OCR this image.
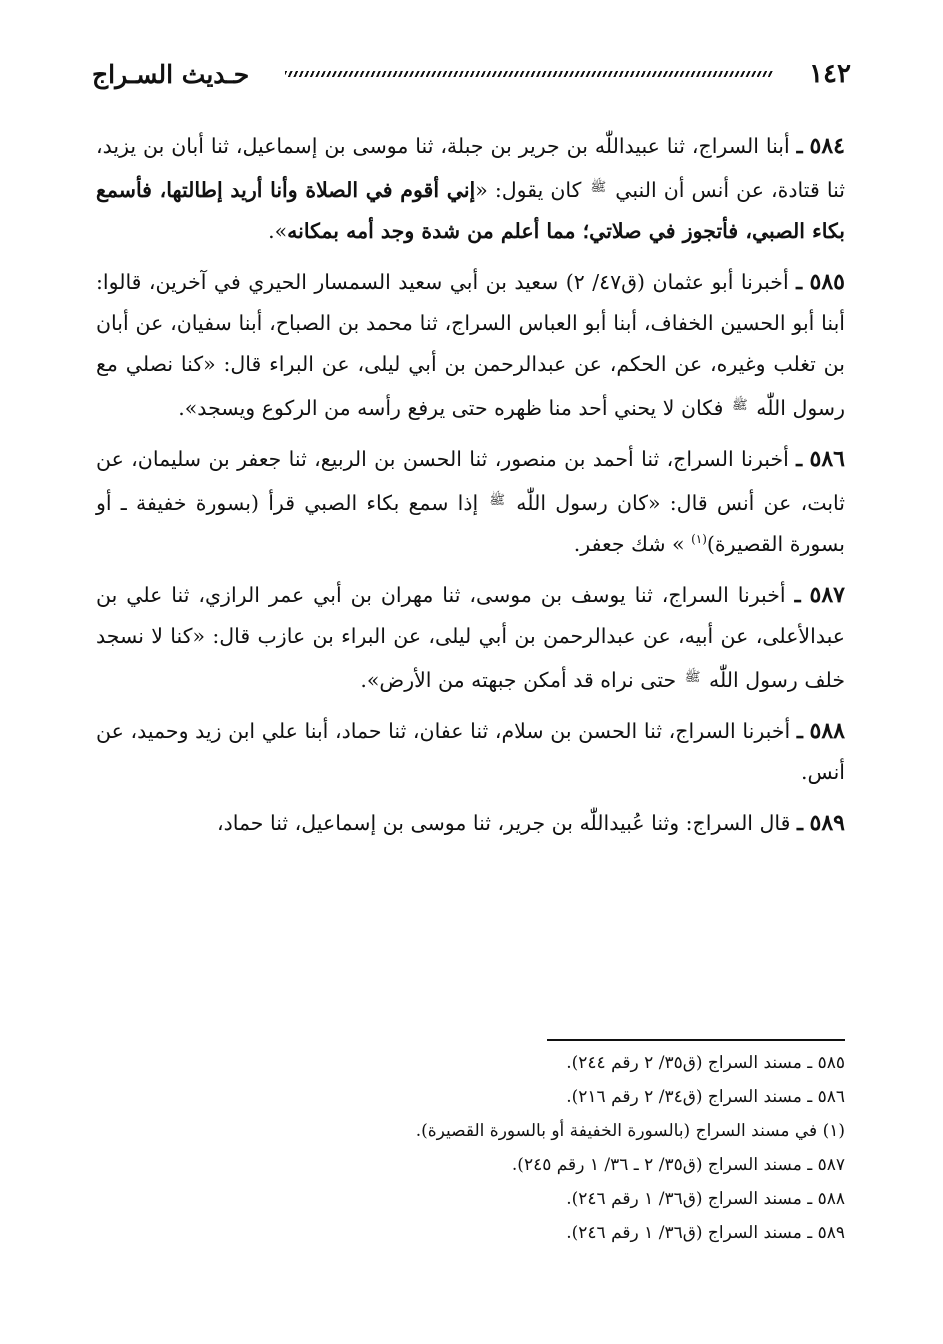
١٤٢
حـديث السـراج

٥٨٤ ـ أبنا السراج، ثنا عبيداللّٰه بن جرير بن جبلة، ثنا موسى بن إسماعيل، ثنا أبان بن يزيد، ثنا قتادة، عن أنس أن النبي $^ﷺ$ كان يقول: «إني أقوم في الصلاة وأنا أريد إطالتها، فأسمع بكاء الصبي، فأتجوز في صلاتي؛ مما أعلم من شدة وجد أمه بمكانه».

٥٨٥ ـ أخبرنا أبو عثمان (ق٤٧/ ٢) سعيد بن أبي سعيد السمسار الحيري في آخرين، قالوا: أبنا أبو الحسين الخفاف، أبنا أبو العباس السراج، ثنا محمد بن الصباح، أبنا سفيان، عن أبان بن تغلب وغيره، عن الحكم، عن عبدالرحمن بن أبي ليلى، عن البراء قال: «كنا نصلي مع رسول اللّٰه $^ﷺ$ فكان لا يحني أحد منا ظهره حتى يرفع رأسه من الركوع ويسجد».

٥٨٦ ـ أخبرنا السراج، ثنا أحمد بن منصور، ثنا الحسن بن الربيع، ثنا جعفر بن سليمان، عن ثابت، عن أنس قال: «كان رسول اللّٰه $^ﷺ$ إذا سمع بكاء الصبي قرأ (بسورة خفيفة ـ أو بسورة القصيرة)$^{(١)}$ » شك جعفر.

٥٨٧ ـ أخبرنا السراج، ثنا يوسف بن موسى، ثنا مهران بن أبي عمر الرازي، ثنا علي بن عبدالأعلى، عن أبيه، عن عبدالرحمن بن أبي ليلى، عن البراء بن عازب قال: «كنا لا نسجد خلف رسول اللّٰه $^ﷺ$ حتى نراه قد أمكن جبهته من الأرض».

٥٨٨ ـ أخبرنا السراج، ثنا الحسن بن سلام، ثنا عفان، ثنا حماد، أبنا علي ابن زيد وحميد، عن أنس.

٥٨٩ ـ قال السراج: وثنا عُبيداللّٰه بن جرير، ثنا موسى بن إسماعيل، ثنا حماد،

٥٨٥ ـ مسند السراج (ق٣٥/ ٢ رقم ٢٤٤).
٥٨٦ ـ مسند السراج (ق٣٤/ ٢ رقم ٢١٦).
(١) في مسند السراج (بالسورة الخفيفة أو بالسورة القصيرة).
٥٨٧ ـ مسند السراج (ق٣٥/ ٢ ـ ٣٦/ ١ رقم ٢٤٥).
٥٨٨ ـ مسند السراج (ق٣٦/ ١ رقم ٢٤٦).
٥٨٩ ـ مسند السراج (ق٣٦/ ١ رقم ٢٤٦).
